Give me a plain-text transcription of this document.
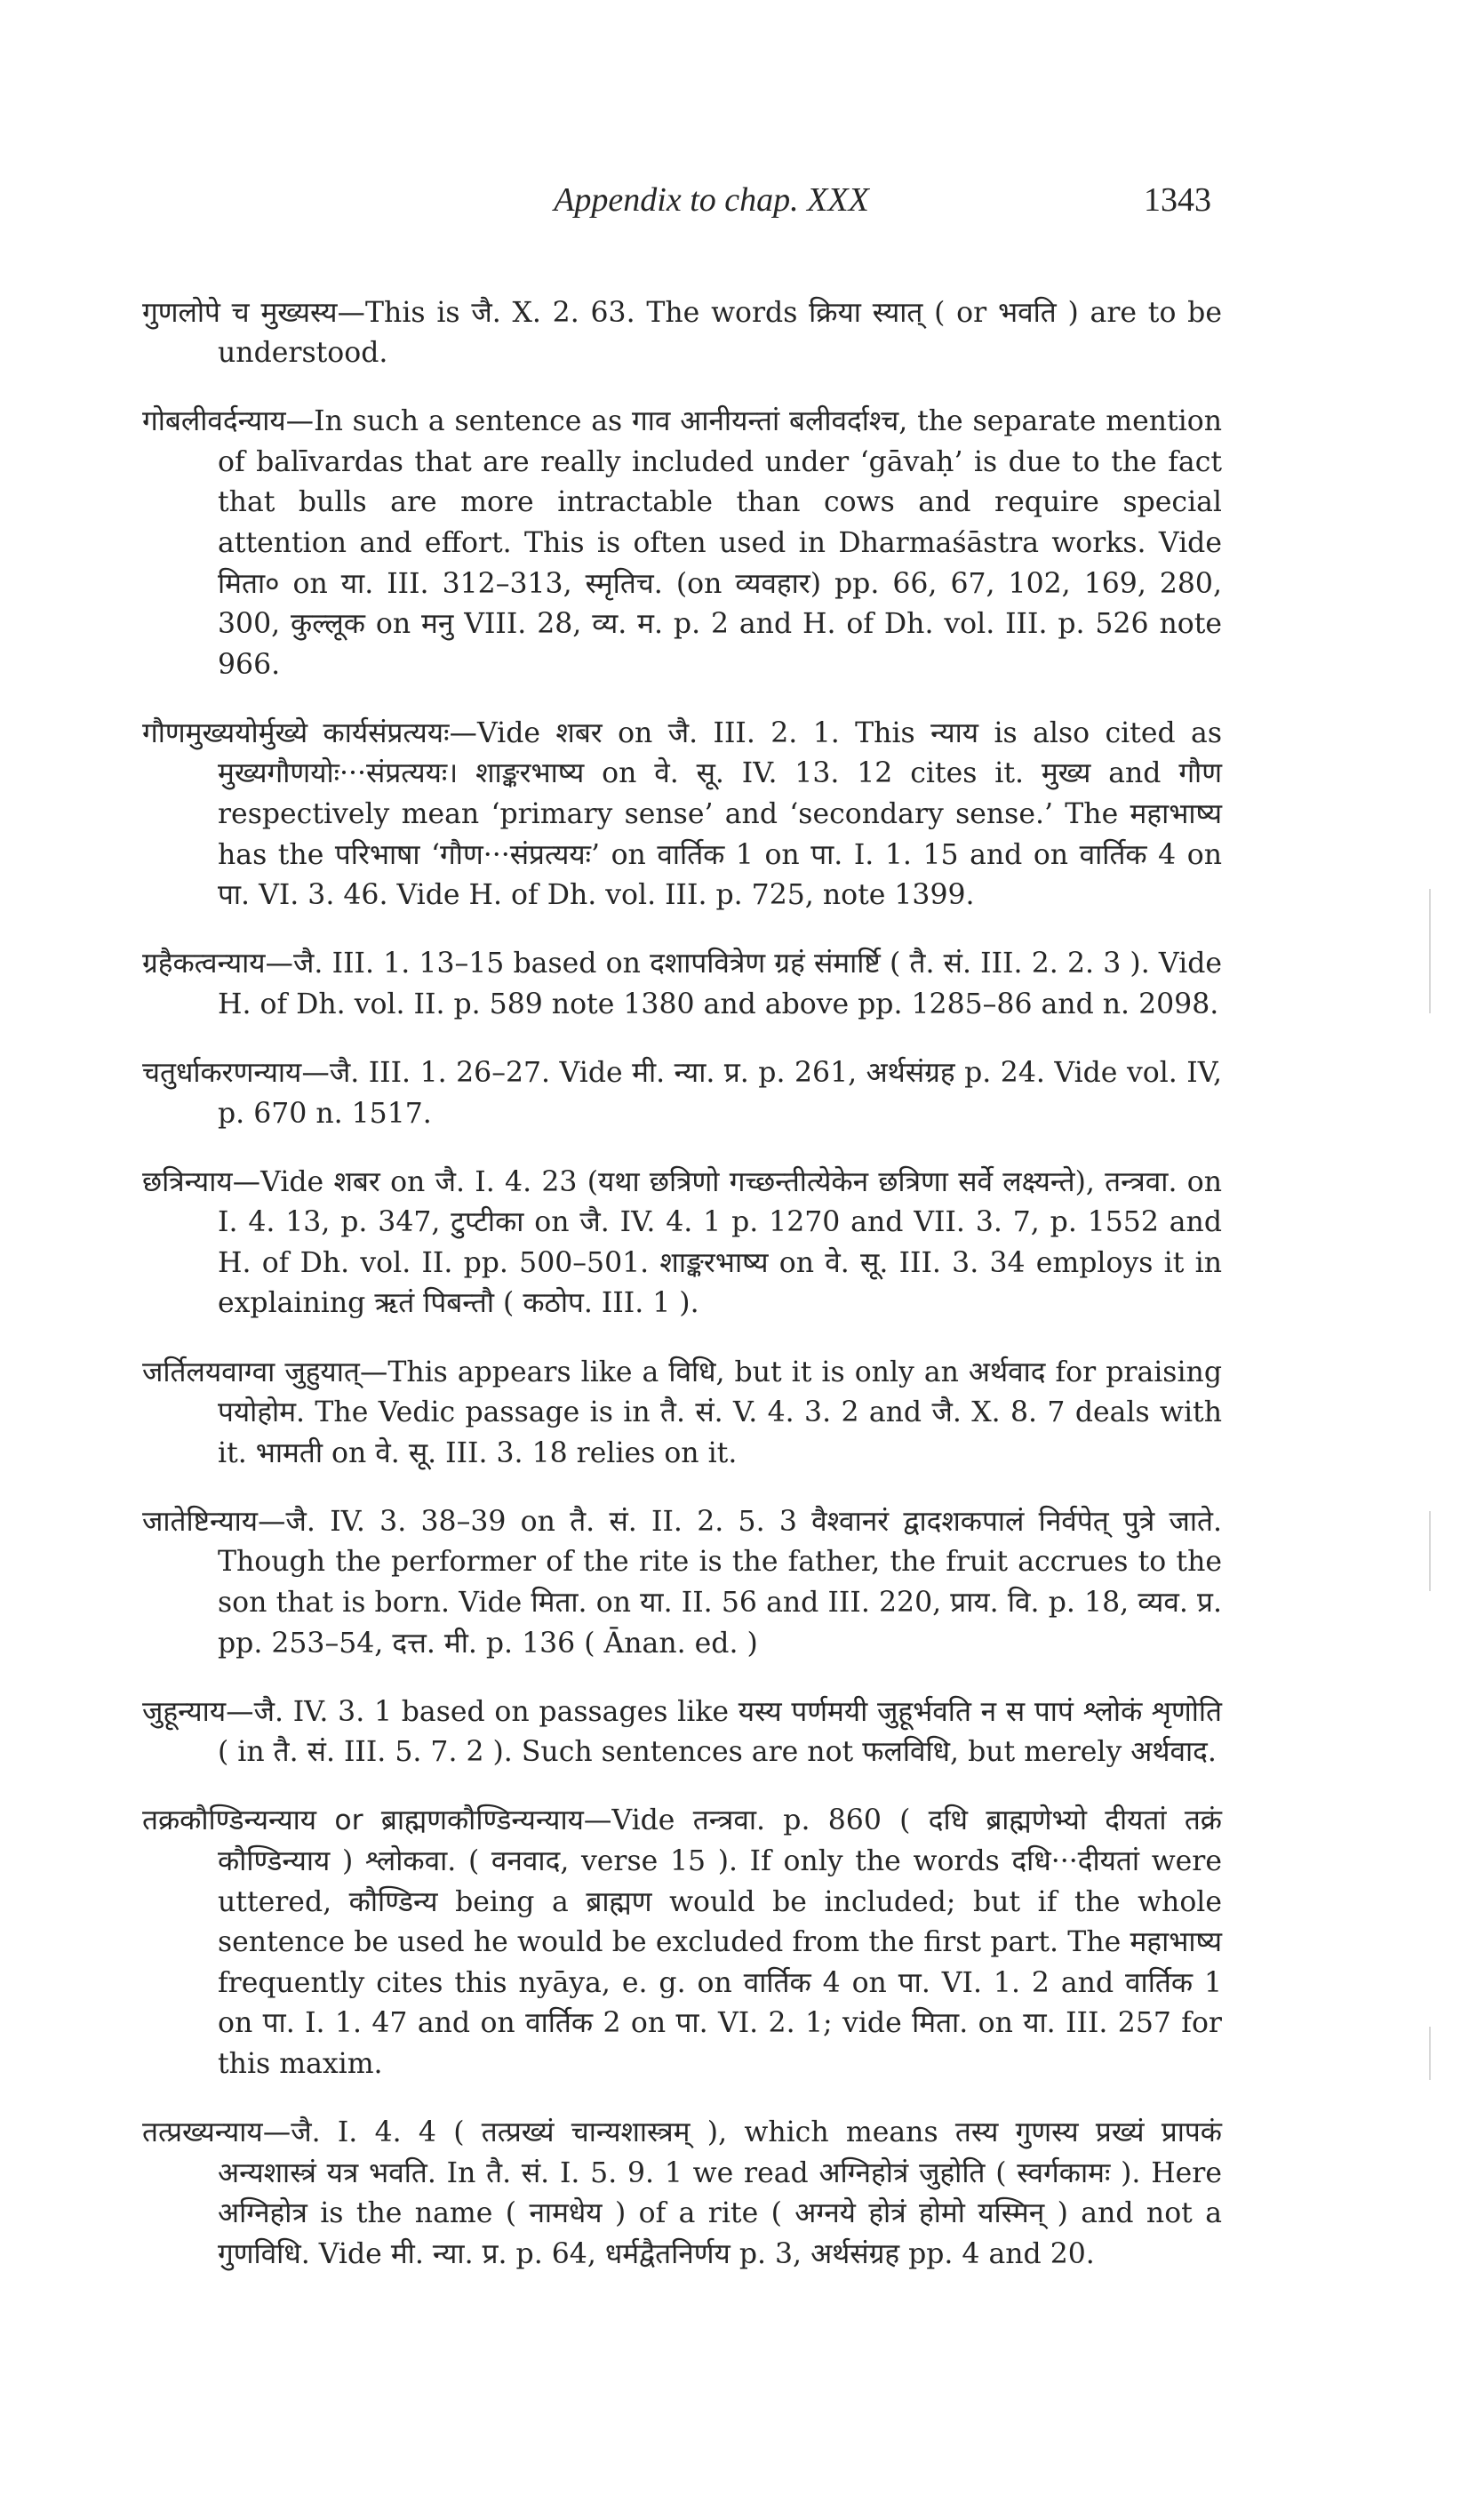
Appendix to chap. XXX	1343

गुणलोपे च मुख्यस्य—This is जै. X. 2. 63. The words क्रिया स्यात् ( or भवति ) are to be understood.

गोबलीवर्दन्याय—In such a sentence as गाव आनीयन्तां बलीवर्दाश्च, the separate mention of balīvardas that are really included under ‘gāvaḥ’ is due to the fact that bulls are more intractable than cows and require special attention and effort. This is often used in Dharmaśāstra works. Vide मिता० on या. III. 312–313, स्मृतिच. (on व्यवहार) pp. 66, 67, 102, 169, 280, 300, कुल्लूक on मनु VIII. 28, व्य. म. p. 2 and H. of Dh. vol. III. p. 526 note 966.

गौणमुख्ययोर्मुख्ये कार्यसंप्रत्ययः—Vide शबर on जै. III. 2. 1. This न्याय is also cited as मुख्यगौणयोः···संप्रत्ययः। शाङ्करभाष्य on वे. सू. IV. 13. 12 cites it. मुख्य and गौण respectively mean ‘primary sense’ and ‘secondary sense.’ The महाभाष्य has the परिभाषा ‘गौण···संप्रत्ययः’ on वार्तिक 1 on पा. I. 1. 15 and on वार्तिक 4 on पा. VI. 3. 46. Vide H. of Dh. vol. III. p. 725, note 1399.

ग्रहैकत्वन्याय—जै. III. 1. 13–15 based on दशापवित्रेण ग्रहं संमार्ष्टि ( तै. सं. III. 2. 2. 3 ). Vide H. of Dh. vol. II. p. 589 note 1380 and above pp. 1285–86 and n. 2098.

चतुर्धाकरणन्याय—जै. III. 1. 26–27. Vide मी. न्या. प्र. p. 261, अर्थसंग्रह p. 24. Vide vol. IV, p. 670 n. 1517.

छत्रिन्याय—Vide शबर on जै. I. 4. 23 (यथा छत्रिणो गच्छन्तीत्येकेन छत्रिणा सर्वे लक्ष्यन्ते), तन्त्रवा. on I. 4. 13, p. 347, टुप्टीका on जै. IV. 4. 1 p. 1270 and VII. 3. 7, p. 1552 and H. of Dh. vol. II. pp. 500–501. शाङ्करभाष्य on वे. सू. III. 3. 34 employs it in explaining ऋतं पिबन्तौ ( कठोप. III. 1 ).

जर्तिलयवाग्वा जुहुयात्—This appears like a विधि, but it is only an अर्थवाद for praising पयोहोम. The Vedic passage is in तै. सं. V. 4. 3. 2 and जै. X. 8. 7 deals with it. भामती on वे. सू. III. 3. 18 relies on it.

जातेष्टिन्याय—जै. IV. 3. 38–39 on तै. सं. II. 2. 5. 3 वैश्वानरं द्वादशकपालं निर्वपेत् पुत्रे जाते. Though the performer of the rite is the father, the fruit accrues to the son that is born. Vide मिता. on या. II. 56 and III. 220, प्राय. वि. p. 18, व्यव. प्र. pp. 253–54, दत्त. मी. p. 136 ( Ānan. ed. )

जुहून्याय—जै. IV. 3. 1 based on passages like यस्य पर्णमयी जुहूर्भवति न स पापं श्लोकं शृणोति ( in तै. सं. III. 5. 7. 2 ). Such sentences are not फलविधि, but merely अर्थवाद.

तक्रकौण्डिन्यन्याय or ब्राह्मणकौण्डिन्यन्याय—Vide तन्त्रवा. p. 860 ( दधि ब्राह्मणेभ्यो दीयतां तक्रं कौण्डिन्याय ) श्लोकवा. ( वनवाद, verse 15 ). If only the words दधि···दीयतां were uttered, कौण्डिन्य being a ब्राह्मण would be included; but if the whole sentence be used he would be excluded from the first part. The महाभाष्य frequently cites this nyāya, e. g. on वार्तिक 4 on पा. VI. 1. 2 and वार्तिक 1 on पा. I. 1. 47 and on वार्तिक 2 on पा. VI. 2. 1; vide मिता. on या. III. 257 for this maxim.

तत्प्रख्यन्याय—जै. I. 4. 4 ( तत्प्रख्यं चान्यशास्त्रम् ), which means तस्य गुणस्य प्रख्यं प्रापकं अन्यशास्त्रं यत्र भवति. In तै. सं. I. 5. 9. 1 we read अग्निहोत्रं जुहोति ( स्वर्गकामः ). Here अग्निहोत्र is the name ( नामधेय ) of a rite ( अग्नये होत्रं होमो यस्मिन् ) and not a गुणविधि. Vide मी. न्या. प्र. p. 64, धर्मद्वैतनिर्णय p. 3, अर्थसंग्रह pp. 4 and 20.
